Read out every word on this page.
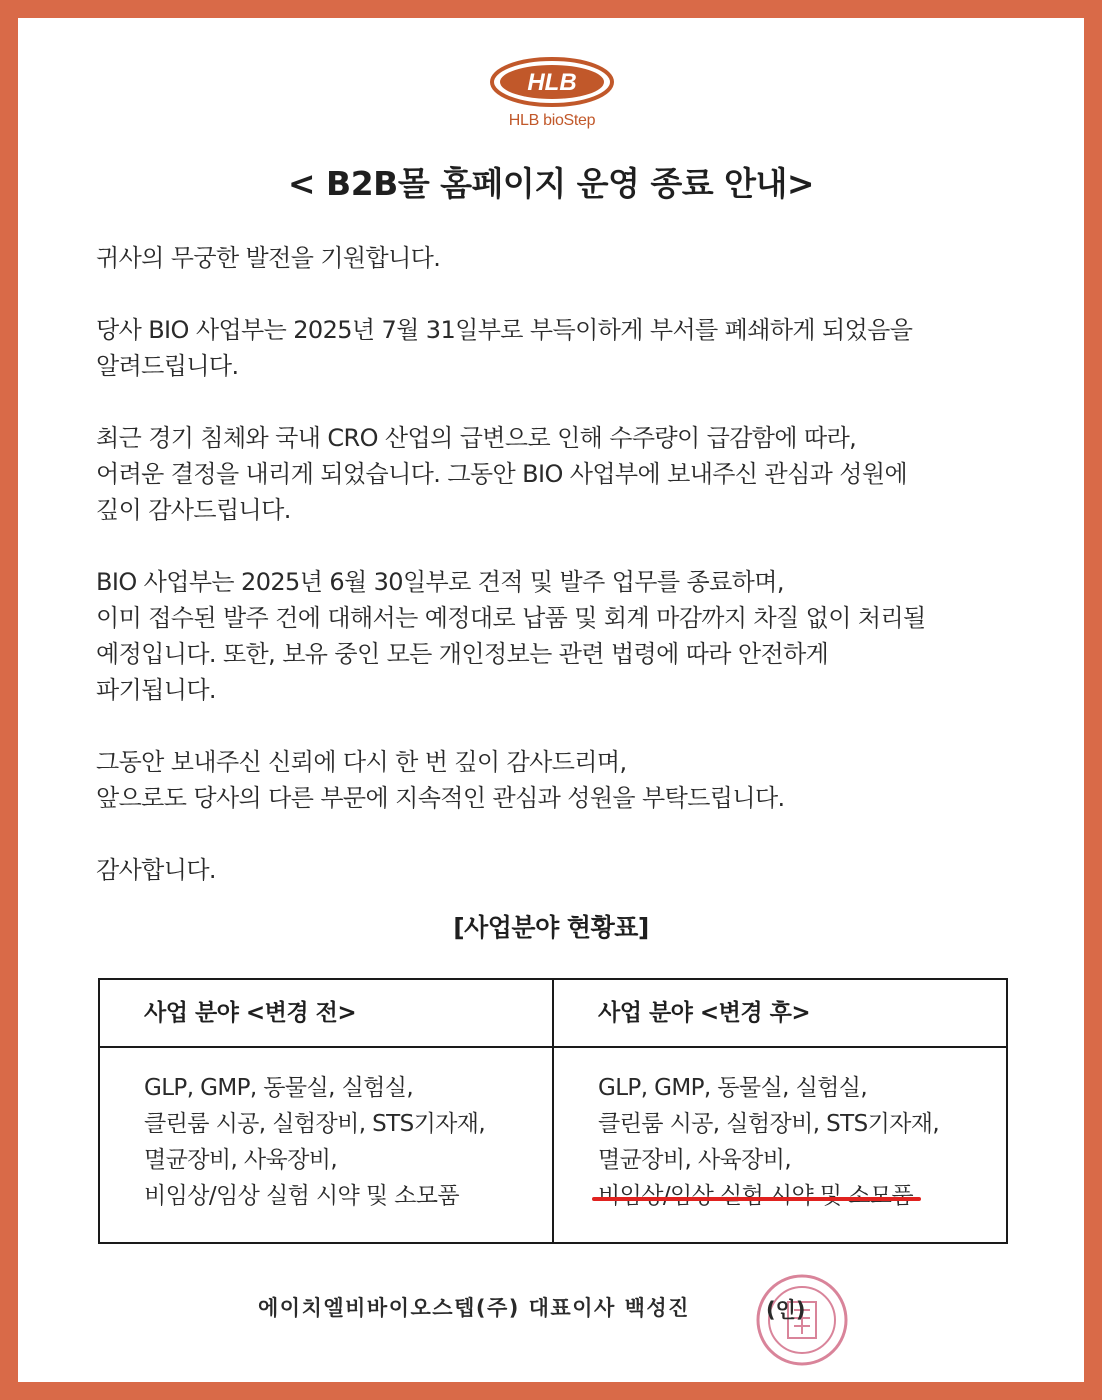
HLB
HLB bioStep
< B2B몰 홈페이지 운영 종료 안내>

귀사의 무궁한 발전을 기원합니다.

당사 BIO 사업부는 2025년 7월 31일부로 부득이하게 부서를 폐쇄하게 되었음을
알려드립니다.

최근 경기 침체와 국내 CRO 산업의 급변으로 인해 수주량이 급감함에 따라,
어려운 결정을 내리게 되었습니다. 그동안 BIO 사업부에 보내주신 관심과 성원에
깊이 감사드립니다.

BIO 사업부는 2025년 6월 30일부로 견적 및 발주 업무를 종료하며,
이미 접수된 발주 건에 대해서는 예정대로 납품 및 회계 마감까지 차질 없이 처리될
예정입니다. 또한, 보유 중인 모든 개인정보는 관련 법령에 따라 안전하게
파기됩니다.

그동안 보내주신 신뢰에 다시 한 번 깊이 감사드리며,
앞으로도 당사의 다른 부문에 지속적인 관심과 성원을 부탁드립니다.

감사합니다.

[사업분야 현황표]
사업 분야 <변경 전>	사업 분야 <변경 후>
GLP, GMP, 동물실, 실험실,
클린룸 시공, 실험장비, STS기자재,
멸균장비, 사육장비,
비임상/임상 실험 시약 및 소모품
GLP, GMP, 동물실, 실험실,
클린룸 시공, 실험장비, STS기자재,
멸균장비, 사육장비,
에이치엘비바이오스텝(주) 대표이사 백성진	(인)
